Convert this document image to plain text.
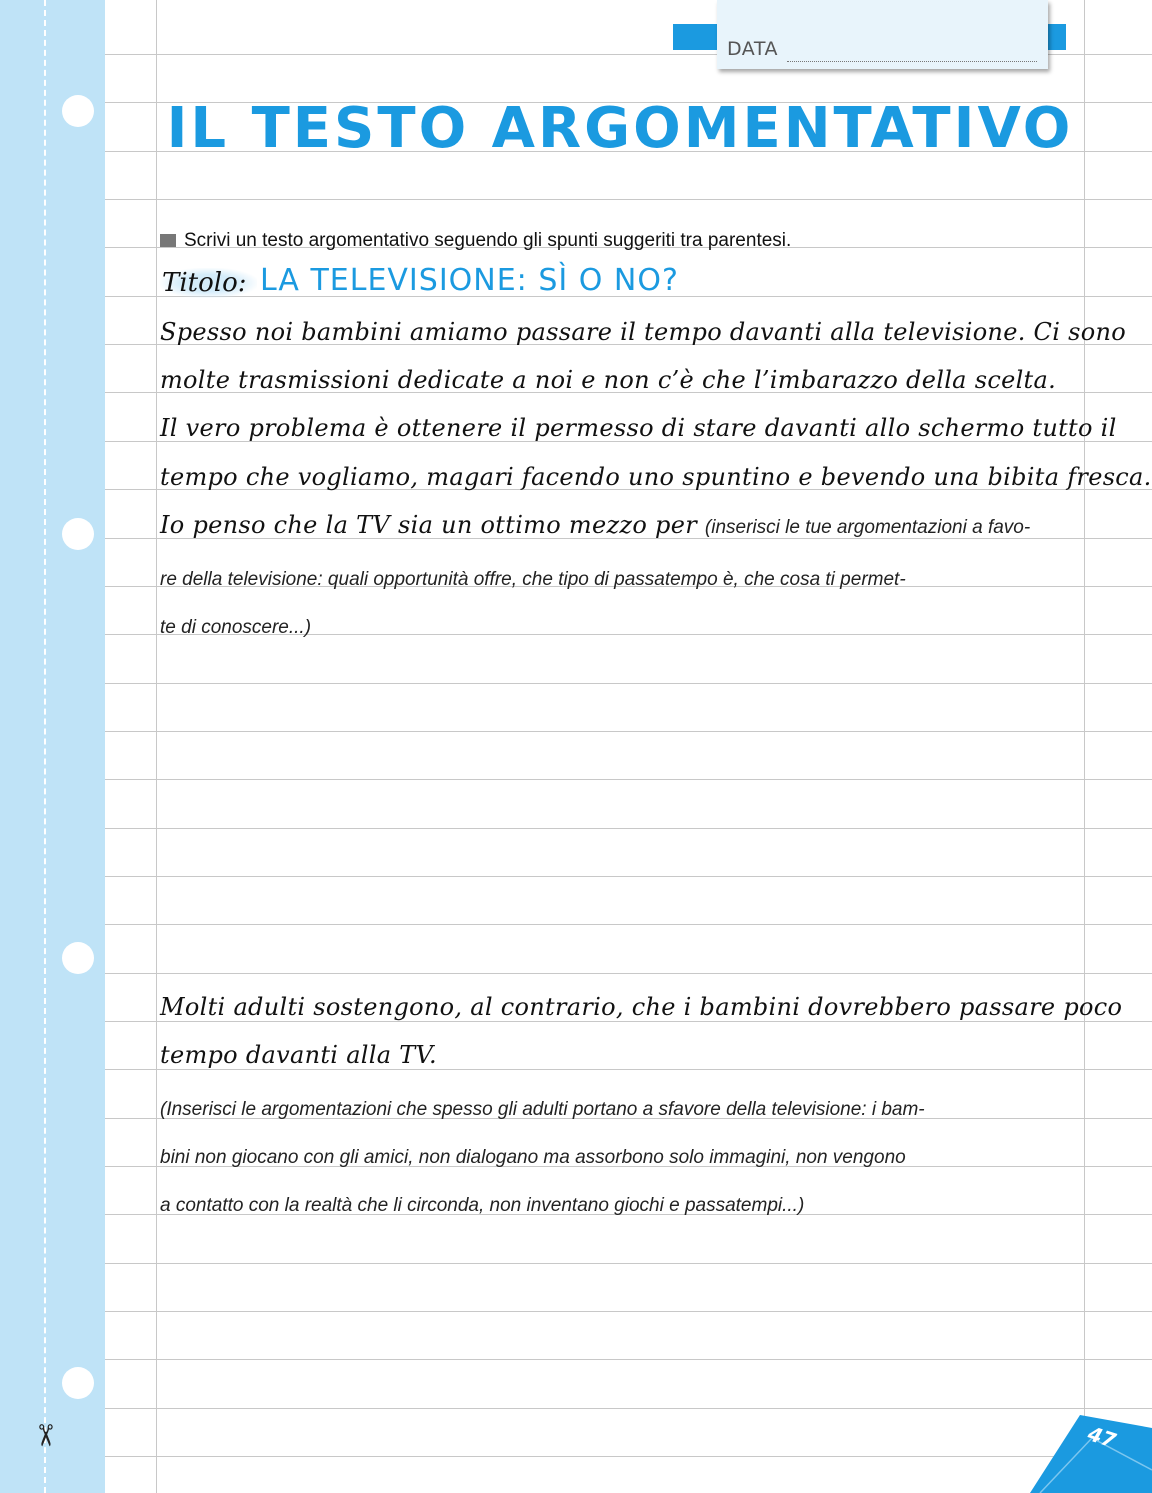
✂
DATA
IL TESTO ARGOMENTATIVO
Scrivi un testo argomentativo seguendo gli spunti suggeriti tra parentesi.
Titolo: LA TELEVISIONE: SÌ O NO?
Spesso noi bambini amiamo passare il tempo davanti alla televisione. Ci sono
molte trasmissioni dedicate a noi e non c’è che l’imbarazzo della scelta.
Il vero problema è ottenere il permesso di stare davanti allo schermo tutto il
tempo che vogliamo, magari facendo uno spuntino e bevendo una bibita fresca.
Io penso che la TV sia un ottimo mezzo per (inserisci le tue argomentazioni a favo-
re della televisione: quali opportunità offre, che tipo di passatempo è, che cosa ti permet-
te di conoscere...)
Molti adulti sostengono, al contrario, che i bambini dovrebbero passare poco
tempo davanti alla TV.
(Inserisci le argomentazioni che spesso gli adulti portano a sfavore della televisione: i bam-
bini non giocano con gli amici, non dialogano ma assorbono solo immagini, non vengono
a contatto con la realtà che li circonda, non inventano giochi e passatempi...)
47
